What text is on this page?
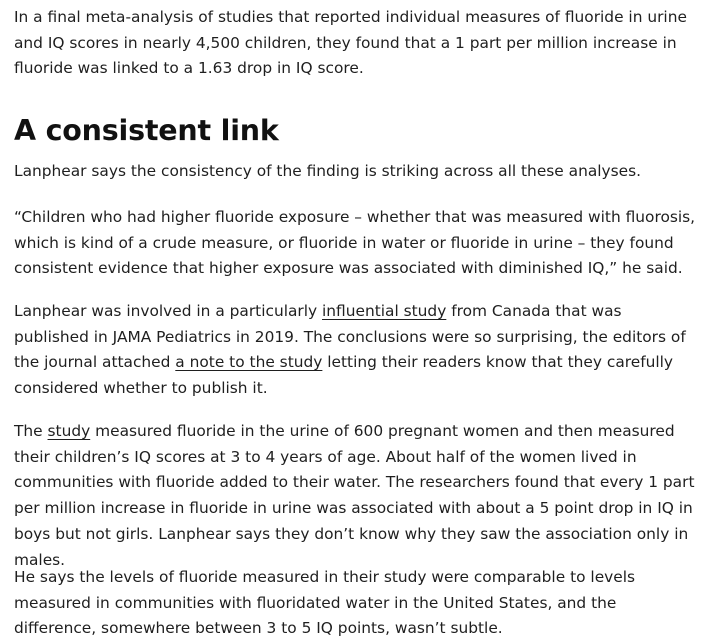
In a final meta-analysis of studies that reported individual measures of fluoride in urine and IQ scores in nearly 4,500 children, they found that a 1 part per million increase in fluoride was linked to a 1.63 drop in IQ score.

A consistent link

Lanphear says the consistency of the finding is striking across all these analyses.

“Children who had higher fluoride exposure – whether that was measured with fluorosis, which is kind of a crude measure, or fluoride in water or fluoride in urine – they found consistent evidence that higher exposure was associated with diminished IQ,” he said.

Lanphear was involved in a particularly influential study from Canada that was published in JAMA Pediatrics in 2019. The conclusions were so surprising, the editors of the journal attached a note to the study letting their readers know that they carefully considered whether to publish it.

The study measured fluoride in the urine of 600 pregnant women and then measured their children’s IQ scores at 3 to 4 years of age. About half of the women lived in communities with fluoride added to their water. The researchers found that every 1 part per million increase in fluoride in urine was associated with about a 5 point drop in IQ in boys but not girls. Lanphear says they don’t know why they saw the association only in males.

He says the levels of fluoride measured in their study were comparable to levels measured in communities with fluoridated water in the United States, and the difference, somewhere between 3 to 5 IQ points, wasn’t subtle.
